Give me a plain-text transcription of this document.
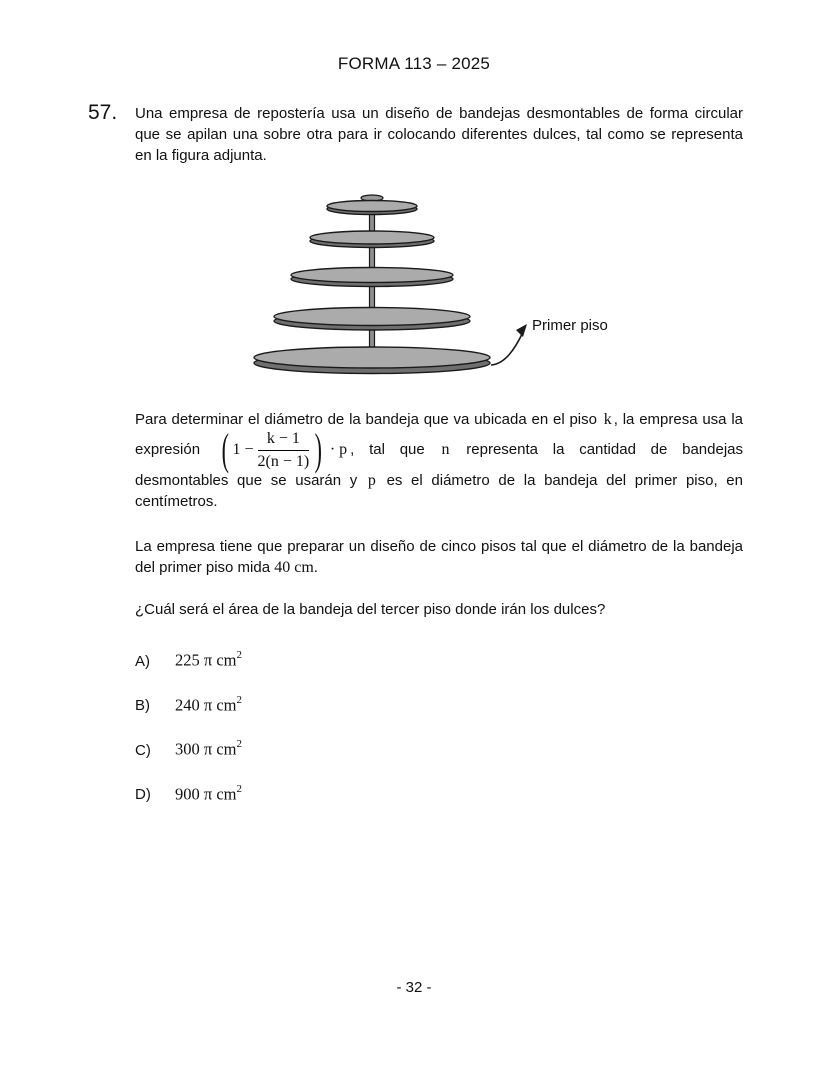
FORMA 113 – 2025
57.	Una empresa de repostería usa un diseño de bandejas desmontables de forma circular que se apilan una sobre otra para ir colocando diferentes dulces, tal como se representa en la figura adjunta.

Primer piso

Para determinar el diámetro de la bandeja que va ubicada en el piso k , la empresa usa la expresión ( $1 - \frac{k - 1}{2(n - 1)}$ ) · p , tal que n representa la cantidad de bandejas desmontables que se usarán y p es el diámetro de la bandeja del primer piso, en centímetros.

La empresa tiene que preparar un diseño de cinco pisos tal que el diámetro de la bandeja del primer piso mida 40 cm.

¿Cuál será el área de la bandeja del tercer piso donde irán los dulces?

A)	225 π $cm^2$
B)	240 π $cm^2$
C)	300 π $cm^2$
D)	900 π $cm^2$
- 32 -
